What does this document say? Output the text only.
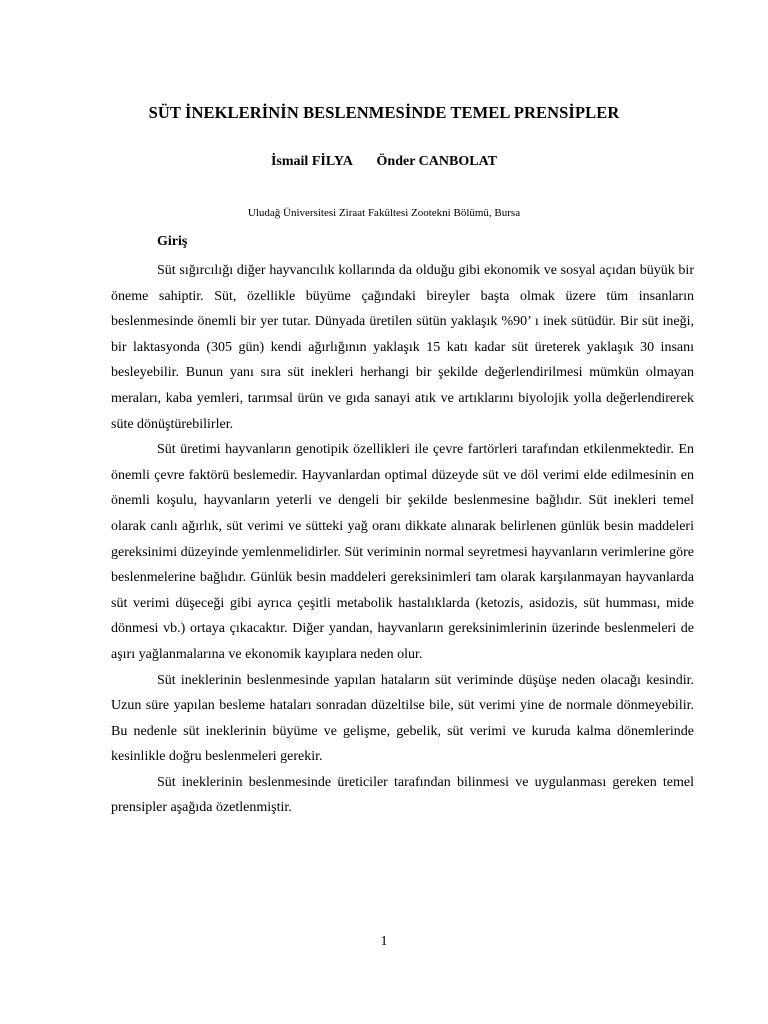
SÜT İNEKLERİNİN BESLENMESİNDE TEMEL PRENSİPLER
İsmail FİLYA Önder CANBOLAT
Uludağ Üniversitesi Ziraat Fakültesi Zootekni Bölümü, Bursa
Giriş

Süt sığırcılığı diğer hayvancılık kollarında da olduğu gibi ekonomik ve sosyal açıdan büyük bir öneme sahiptir. Süt, özellikle büyüme çağındaki bireyler başta olmak üzere tüm insanların beslenmesinde önemli bir yer tutar. Dünyada üretilen sütün yaklaşık %90’ ı inek sütüdür. Bir süt ineği, bir laktasyonda (305 gün) kendi ağırlığının yaklaşık 15 katı kadar süt üreterek yaklaşık 30 insanı besleyebilir. Bunun yanı sıra süt inekleri herhangi bir şekilde değerlendirilmesi mümkün olmayan meraları, kaba yemleri, tarımsal ürün ve gıda sanayi atık ve artıklarını biyolojik yolla değerlendirerek süte dönüştürebilirler.

Süt üretimi hayvanların genotipik özellikleri ile çevre fartörleri tarafından etkilenmektedir. En önemli çevre faktörü beslemedir. Hayvanlardan optimal düzeyde süt ve döl verimi elde edilmesinin en önemli koşulu, hayvanların yeterli ve dengeli bir şekilde beslenmesine bağlıdır. Süt inekleri temel olarak canlı ağırlık, süt verimi ve sütteki yağ oranı dikkate alınarak belirlenen günlük besin maddeleri gereksinimi düzeyinde yemlenmelidirler. Süt veriminin normal seyretmesi hayvanların verimlerine göre beslenmelerine bağlıdır. Günlük besin maddeleri gereksinimleri tam olarak karşılanmayan hayvanlarda süt verimi düşeceği gibi ayrıca çeşitli metabolik hastalıklarda (ketozis, asidozis, süt humması, mide dönmesi vb.) ortaya çıkacaktır. Diğer yandan, hayvanların gereksinimlerinin üzerinde beslenmeleri de aşırı yağlanmalarına ve ekonomik kayıplara neden olur.

Süt ineklerinin beslenmesinde yapılan hataların süt veriminde düşüşe neden olacağı kesindir. Uzun süre yapılan besleme hataları sonradan düzeltilse bile, süt verimi yine de normale dönmeyebilir. Bu nedenle süt ineklerinin büyüme ve gelişme, gebelik, süt verimi ve kuruda kalma dönemlerinde kesinlikle doğru beslenmeleri gerekir.

Süt ineklerinin beslenmesinde üreticiler tarafından bilinmesi ve uygulanması gereken temel prensipler aşağıda özetlenmiştir.

1
